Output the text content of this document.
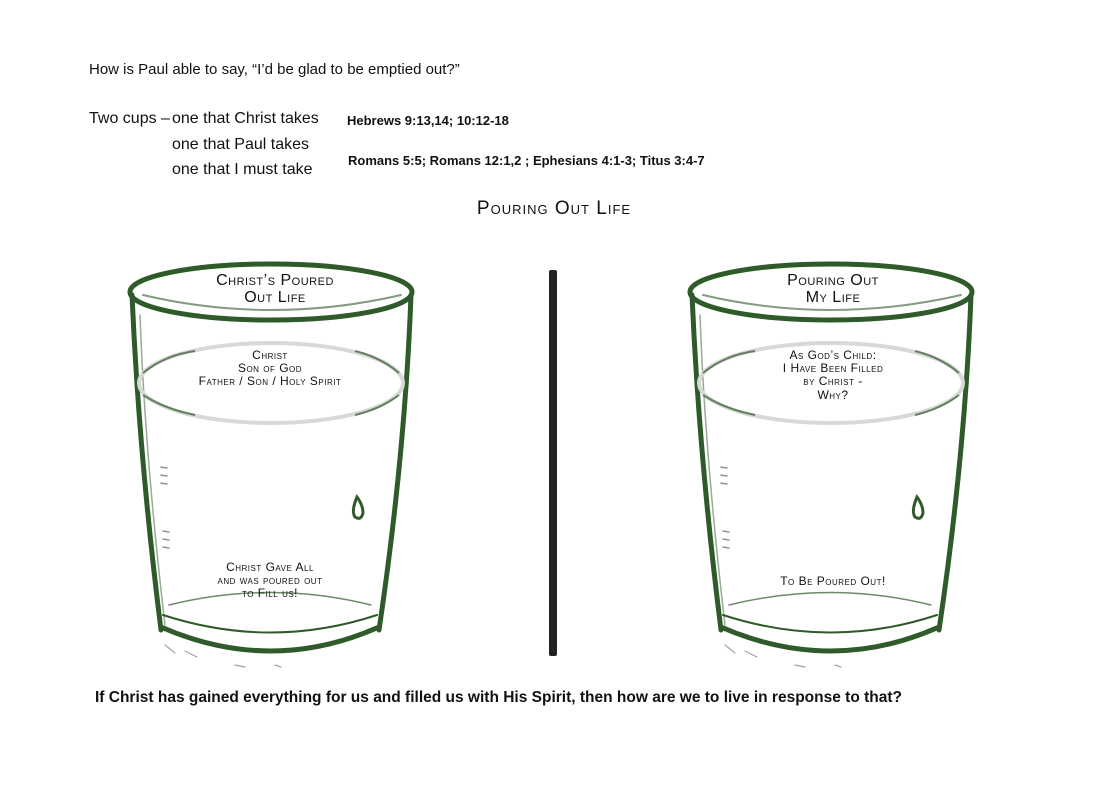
How is Paul able to say, “I’d be glad to be emptied out?”
Two cups – one that Christ takes
one that Paul takes
one that I must take
Hebrews 9:13,14; 10:12-18
Romans 5:5; Romans 12:1,2 ; Ephesians 4:1-3; Titus 3:4-7
Pouring Out Life
Christ’s Poured
Out Life
Christ
Son of God
Father / Son / Holy Spirit
Christ Gave All
and was poured out
to Fill us!
Pouring Out
My Life
As God’s Child:
I Have Been Filled
by Christ -
Why?
To Be Poured Out!
If Christ has gained everything for us and filled us with His Spirit, then how are we to live in response to that?
